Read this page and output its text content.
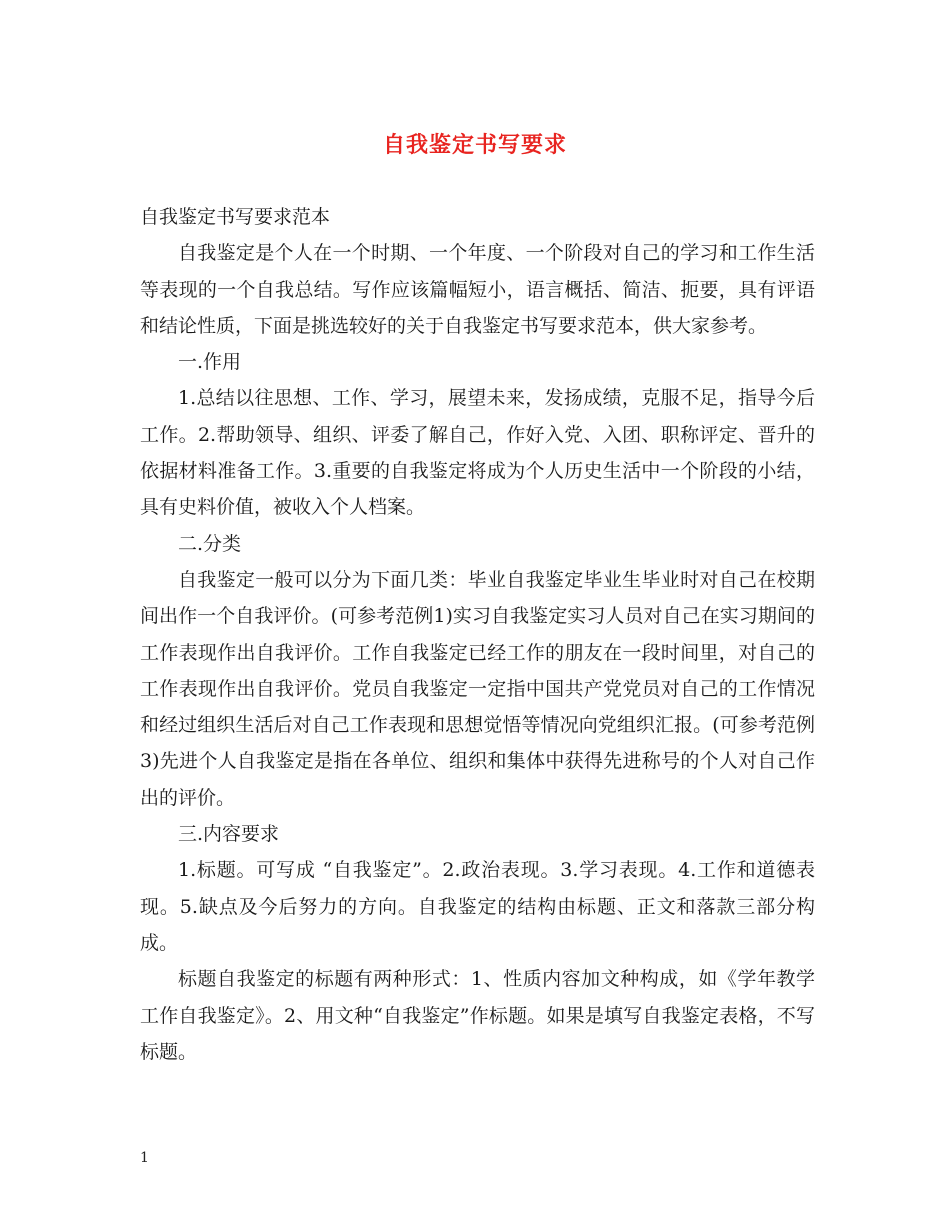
自我鉴定书写要求

自我鉴定书写要求范本

自我鉴定是个人在一个时期、一个年度、一个阶段对自己的学习和工作生活等表现的一个自我总结。写作应该篇幅短小，语言概括、简洁、扼要，具有评语和结论性质，下面是挑选较好的关于自我鉴定书写要求范本，供大家参考。

一.作用

1.总结以往思想、工作、学习，展望未来，发扬成绩，克服不足，指导今后工作。2.帮助领导、组织、评委了解自己，作好入党、入团、职称评定、晋升的依据材料准备工作。3.重要的自我鉴定将成为个人历史生活中一个阶段的小结，具有史料价值，被收入个人档案。

二.分类

自我鉴定一般可以分为下面几类：毕业自我鉴定毕业生毕业时对自己在校期间出作一个自我评价。(可参考范例1)实习自我鉴定实习人员对自己在实习期间的工作表现作出自我评价。工作自我鉴定已经工作的朋友在一段时间里，对自己的工作表现作出自我评价。党员自我鉴定一定指中国共产党党员对自己的工作情况和经过组织生活后对自己工作表现和思想觉悟等情况向党组织汇报。(可参考范例3)先进个人自我鉴定是指在各单位、组织和集体中获得先进称号的个人对自己作出的评价。

三.内容要求

1.标题。可写成 “自我鉴定”。2.政治表现。3.学习表现。4.工作和道德表现。5.缺点及今后努力的方向。自我鉴定的结构由标题、正文和落款三部分构成。

标题自我鉴定的标题有两种形式：1、性质内容加文种构成，如《学年教学工作自我鉴定》。2、用文种“自我鉴定”作标题。如果是填写自我鉴定表格，不写标题。

1
